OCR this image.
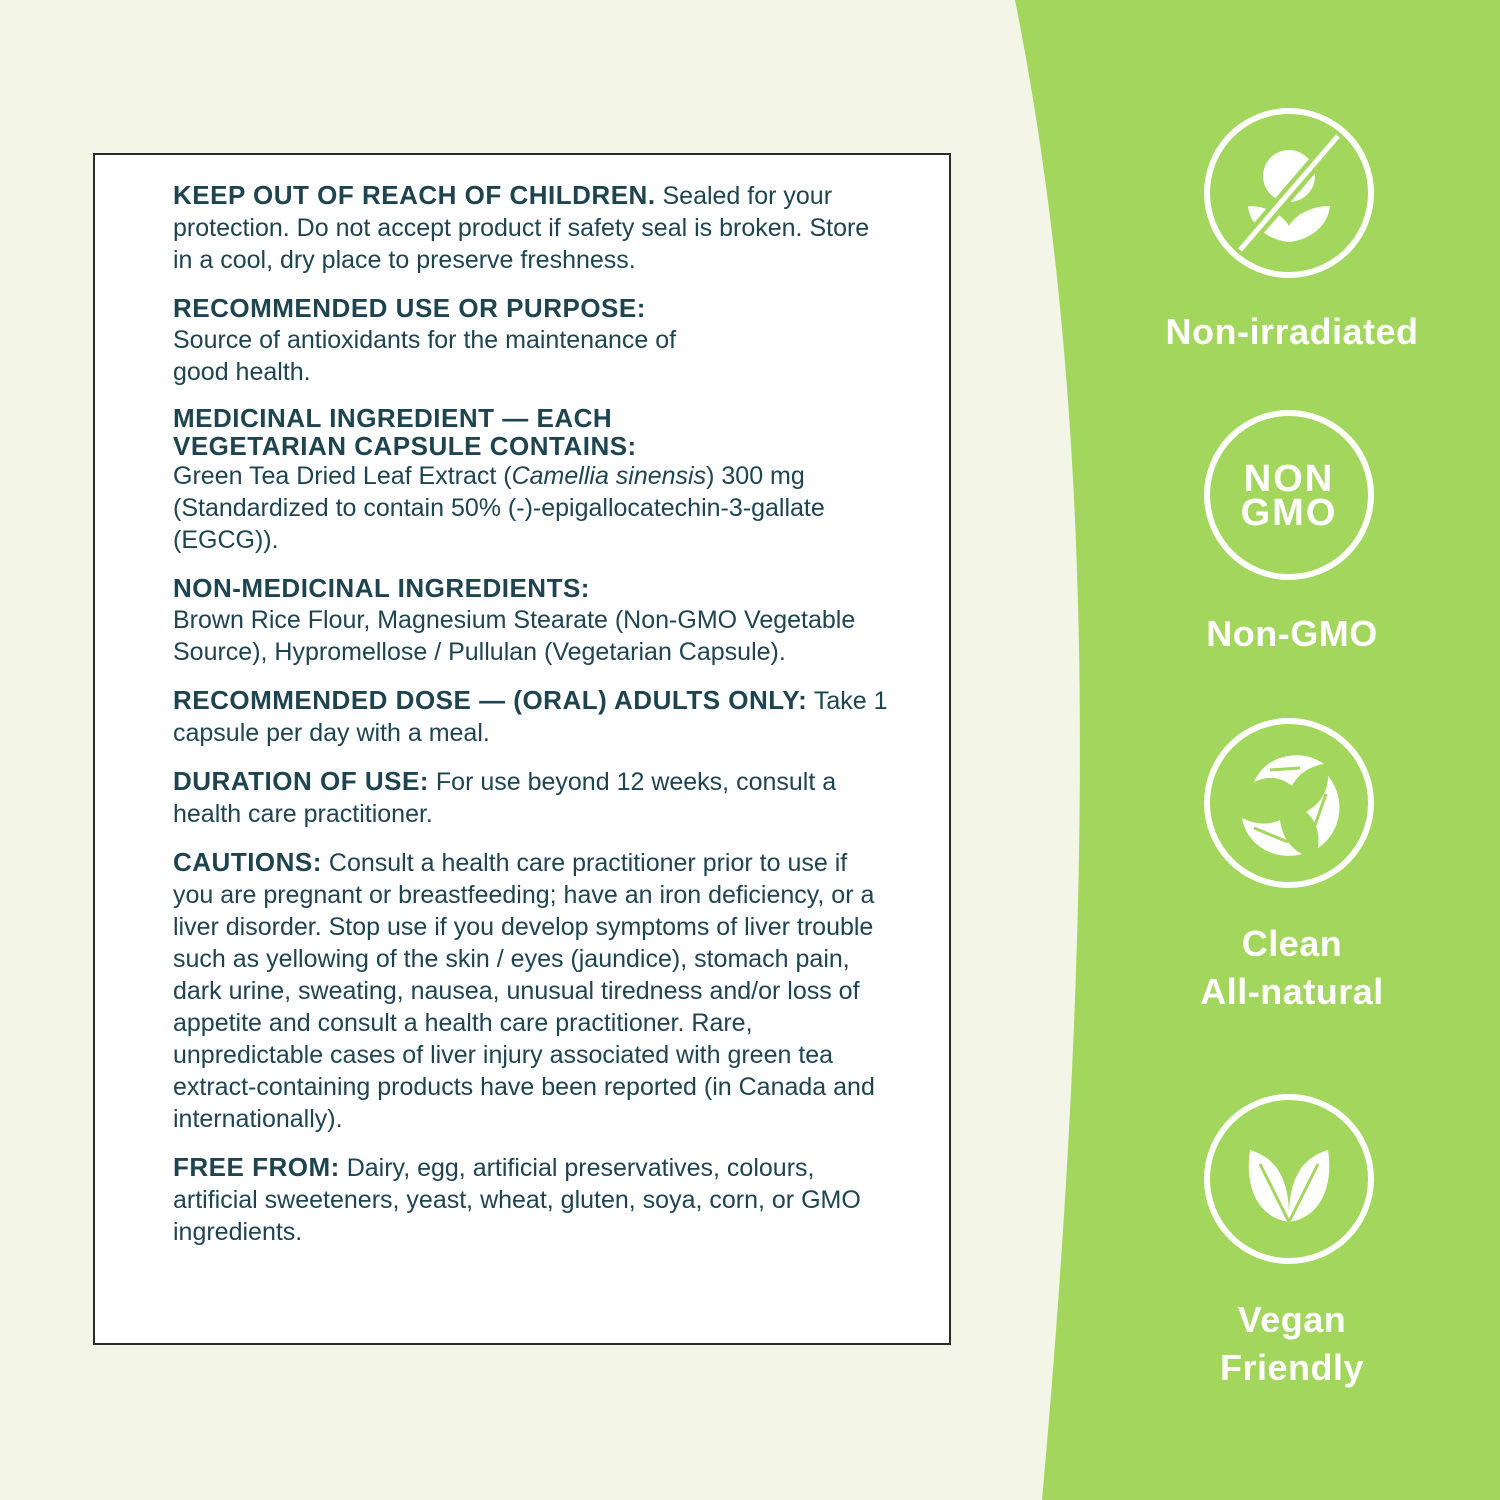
KEEP OUT OF REACH OF CHILDREN. Sealed for your protection. Do not accept product if safety seal is broken. Store in a cool, dry place to preserve freshness.

RECOMMENDED USE OR PURPOSE:
Source of antioxidants for the maintenance of good health.

MEDICINAL INGREDIENT — EACH
VEGETARIAN CAPSULE CONTAINS:
Green Tea Dried Leaf Extract (Camellia sinensis) 300 mg (Standardized to contain 50% (-)-epigallocatechin-3-gallate (EGCG)).

NON-MEDICINAL INGREDIENTS:
Brown Rice Flour, Magnesium Stearate (Non-GMO Vegetable Source), Hypromellose / Pullulan (Vegetarian Capsule).

RECOMMENDED DOSE — (ORAL) ADULTS ONLY: Take 1 capsule per day with a meal.

DURATION OF USE: For use beyond 12 weeks, consult a health care practitioner.

CAUTIONS: Consult a health care practitioner prior to use if you are pregnant or breastfeeding; have an iron deficiency, or a liver disorder. Stop use if you develop symptoms of liver trouble such as yellowing of the skin / eyes (jaundice), stomach pain, dark urine, sweating, nausea, unusual tiredness and/or loss of appetite and consult a health care practitioner. Rare, unpredictable cases of liver injury associated with green tea extract-containing products have been reported (in Canada and internationally).

FREE FROM: Dairy, egg, artificial preservatives, colours, artificial sweeteners, yeast, wheat, gluten, soya, corn, or GMO ingredients.

Non-irradiated
NON
GMO
Non-GMO
Clean
All-natural
Vegan
Friendly
